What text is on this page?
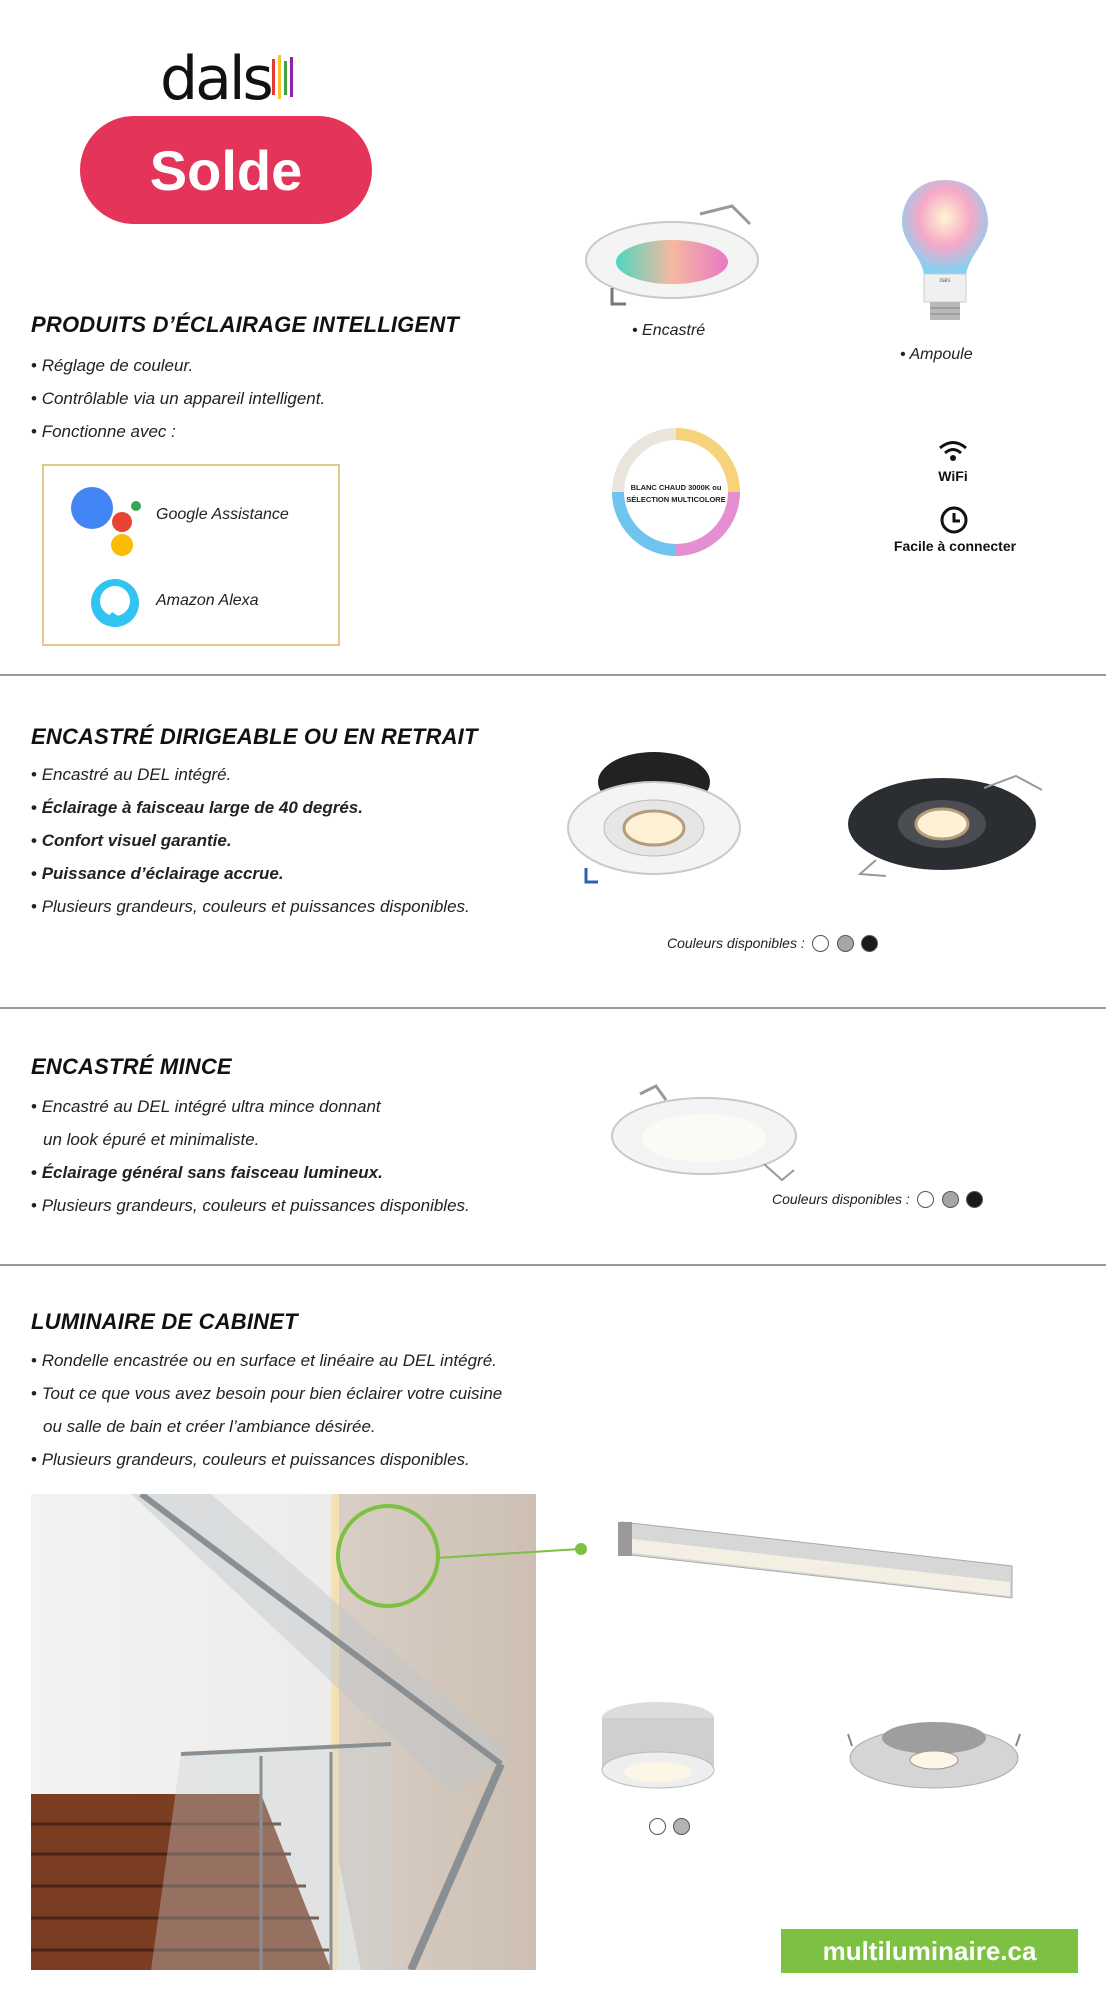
dals
Solde
PRODUITS D’ÉCLAIRAGE INTELLIGENT
• Réglage de couleur.
• Contrôlable via un appareil intelligent.
• Fonctionne avec :
Google Assistance
Amazon Alexa
• Encastré
dals
• Ampoule
BLANC CHAUD 3000K ou
SÉLECTION MULTICOLORE
WiFi
Facile à connecter
ENCASTRÉ DIRIGEABLE OU EN RETRAIT
• Encastré au DEL intégré.
• Éclairage à faisceau large de 40 degrés.
• Confort visuel garantie.
• Puissance d’éclairage accrue.
• Plusieurs grandeurs, couleurs et puissances disponibles.
Couleurs disponibles :
ENCASTRÉ MINCE
• Encastré au DEL intégré ultra mince donnant
un look épuré et minimaliste.
• Éclairage général sans faisceau lumineux.
• Plusieurs grandeurs, couleurs et puissances disponibles.	Couleurs disponibles :
LUMINAIRE DE CABINET
• Rondelle encastrée ou en surface et linéaire au DEL intégré.
• Tout ce que vous avez besoin pour bien éclairer votre cuisine
ou salle de bain et créer l’ambiance désirée.
• Plusieurs grandeurs, couleurs et puissances disponibles.

multiluminaire.ca
